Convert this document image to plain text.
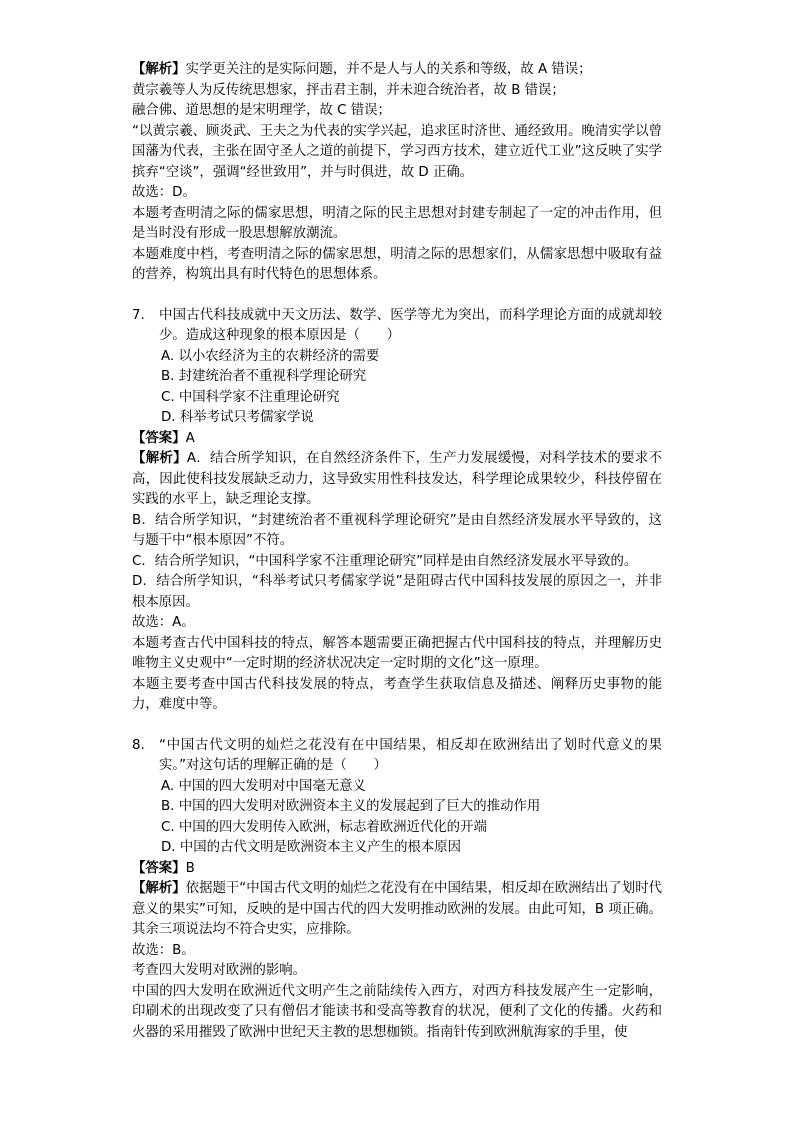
【解析】实学更关注的是实际问题，并不是人与人的关系和等级，故 A 错误；

黄宗羲等人为反传统思想家，抨击君主制，并未迎合统治者，故 B 错误；

融合佛、道思想的是宋明理学，故 C 错误；

“以黄宗羲、顾炎武、王夫之为代表的实学兴起，追求匡时济世、通经致用。晚清实学以曾国藩为代表，主张在固守圣人之道的前提下，学习西方技术，建立近代工业”这反映了实学摈弃“空谈”，强调“经世致用”，并与时俱进，故 D 正确。

故选：D。

本题考查明清之际的儒家思想，明清之际的民主思想对封建专制起了一定的冲击作用，但是当时没有形成一股思想解放潮流。

本题难度中档，考查明清之际的儒家思想，明清之际的思想家们，从儒家思想中吸取有益的营养，构筑出具有时代特色的思想体系。

7.	中国古代科技成就中天文历法、数学、医学等尤为突出，而科学理论方面的成就却较少。造成这种现象的根本原因是（　　）

A. 以小农经济为主的农耕经济的需要

B. 封建统治者不重视科学理论研究

C. 中国科学家不注重理论研究

D. 科举考试只考儒家学说

【答案】A

【解析】A．结合所学知识，在自然经济条件下，生产力发展缓慢，对科学技术的要求不高，因此使科技发展缺乏动力，这导致实用性科技发达，科学理论成果较少，科技停留在实践的水平上，缺乏理论支撑。

B．结合所学知识，“封建统治者不重视科学理论研究”是由自然经济发展水平导致的，这与题干中“根本原因”不符。

C．结合所学知识，“中国科学家不注重理论研究”同样是由自然经济发展水平导致的。

D．结合所学知识，“科举考试只考儒家学说”是阻碍古代中国科技发展的原因之一，并非根本原因。

故选：A。

本题考查古代中国科技的特点，解答本题需要正确把握古代中国科技的特点，并理解历史唯物主义史观中“一定时期的经济状况决定一定时期的文化”这一原理。

本题主要考查中国古代科技发展的特点，考查学生获取信息及描述、阐释历史事物的能力，难度中等。

8.	“中国古代文明的灿烂之花没有在中国结果，相反却在欧洲结出了划时代意义的果实。”对这句话的理解正确的是（　　）

A. 中国的四大发明对中国毫无意义

B. 中国的四大发明对欧洲资本主义的发展起到了巨大的推动作用

C. 中国的四大发明传入欧洲，标志着欧洲近代化的开端

D. 中国的古代文明是欧洲资本主义产生的根本原因

【答案】B

【解析】依据题干“中国古代文明的灿烂之花没有在中国结果，相反却在欧洲结出了划时代意义的果实”可知，反映的是中国古代的四大发明推动欧洲的发展。由此可知，B 项正确。其余三项说法均不符合史实，应排除。

故选：B。

考查四大发明对欧洲的影响。

中国的四大发明在欧洲近代文明产生之前陆续传入西方，对西方科技发展产生一定影响，印刷术的出现改变了只有僧侣才能读书和受高等教育的状况，便利了文化的传播。火药和火器的采用摧毁了欧洲中世纪天主教的思想枷锁。指南针传到欧洲航海家的手里，使
